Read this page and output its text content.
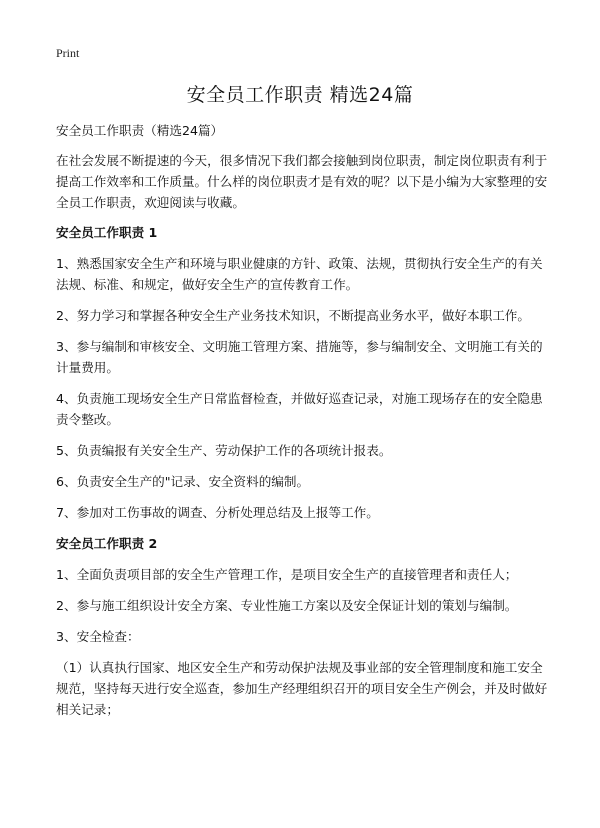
Print
安全员工作职责 精选24篇

安全员工作职责（精选24篇）

在社会发展不断提速的今天，很多情况下我们都会接触到岗位职责，制定岗位职责有利于提高工作效率和工作质量。什么样的岗位职责才是有效的呢？以下是小编为大家整理的安全员工作职责，欢迎阅读与收藏。

安全员工作职责 1

1、熟悉国家安全生产和环境与职业健康的方针、政策、法规，贯彻执行安全生产的有关法规、标准、和规定，做好安全生产的宣传教育工作。

2、努力学习和掌握各种安全生产业务技术知识，不断提高业务水平，做好本职工作。

3、参与编制和审核安全、文明施工管理方案、措施等，参与编制安全、文明施工有关的计量费用。

4、负责施工现场安全生产日常监督检查，并做好巡查记录，对施工现场存在的安全隐患责令整改。

5、负责编报有关安全生产、劳动保护工作的各项统计报表。

6、负责安全生产的"记录、安全资料的编制。

7、参加对工伤事故的调查、分析处理总结及上报等工作。

安全员工作职责 2

1、全面负责项目部的安全生产管理工作，是项目安全生产的直接管理者和责任人；

2、参与施工组织设计安全方案、专业性施工方案以及安全保证计划的策划与编制。

3、安全检查：

（1）认真执行国家、地区安全生产和劳动保护法规及事业部的安全管理制度和施工安全规范，坚持每天进行安全巡查，参加生产经理组织召开的项目安全生产例会，并及时做好相关记录；
